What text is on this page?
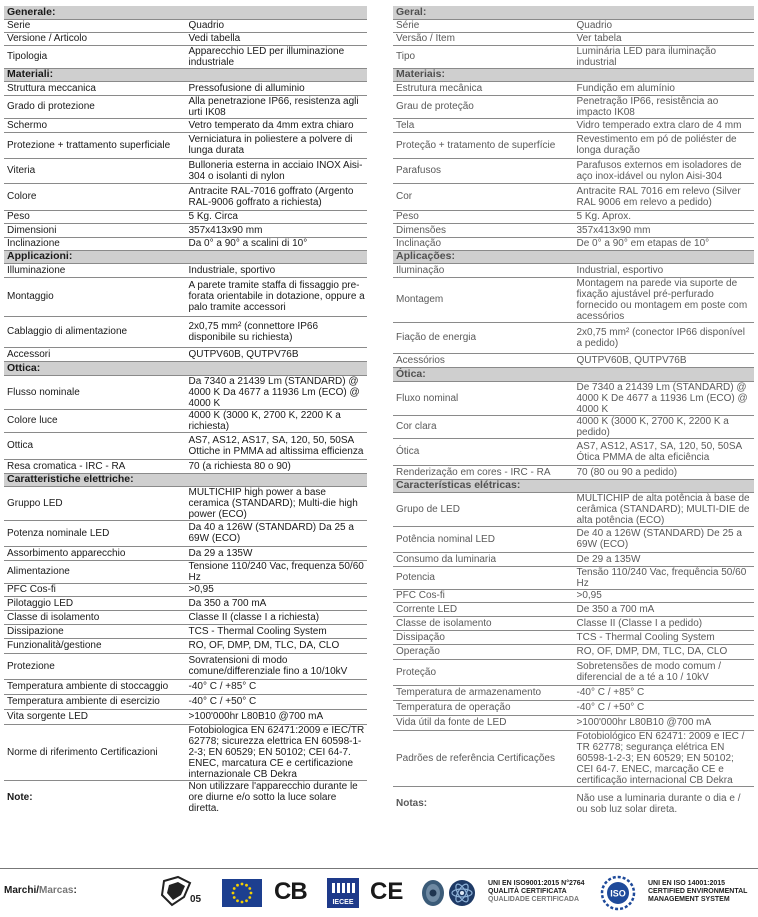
Generale:	
Serie	Quadrio
Versione / Articolo	Vedi tabella
Tipologia	Apparecchio LED per illuminazione industriale
Materiali:	
Struttura meccanica	Pressofusione di alluminio
Grado di protezione	Alla penetrazione IP66, resistenza agli urti IK08
Schermo	Vetro temperato da 4mm extra chiaro
Protezione + trattamento superficiale	Verniciatura in poliestere a polvere di lunga durata
Viteria	Bulloneria esterna in acciaio INOX Aisi-304 o isolanti di nylon
Colore	Antracite RAL-7016 goffrato (Argento RAL-9006 goffrato a richiesta)
Peso	5 Kg. Circa
Dimensioni	357x413x90 mm
Inclinazione	Da 0° a 90° a scalini di 10°
Applicazioni:	
Illuminazione	Industriale, sportivo
Montaggio	A parete tramite staffa di fissaggio pre-forata orientabile in dotazione, oppure a palo tramite accessori
Cablaggio di alimentazione	2x0,75 mm² (connettore IP66 disponibile su richiesta)
Accessori	QUTPV60B, QUTPV76B
Ottica:	
Flusso nominale	Da 7340 a 21439 Lm (STANDARD) @ 4000 K Da 4677 a 11936 Lm (ECO) @ 4000 K
Colore luce	4000 K (3000 K, 2700 K, 2200 K a richiesta)
Ottica	AS7, AS12, AS17, SA, 120, 50, 50SA Ottiche in PMMA ad altissima efficienza
Resa cromatica - IRC - RA	70 (a richiesta 80 o 90)
Caratteristiche elettriche:	
Gruppo LED	MULTICHIP high power a base ceramica (STANDARD); Multi-die high power (ECO)
Potenza nominale LED	Da 40 a 126W (STANDARD) Da 25 a 69W (ECO)
Assorbimento apparecchio	Da 29 a 135W
Alimentazione	Tensione 110/240 Vac, frequenza 50/60 Hz
PFC Cos-fi	>0,95
Pilotaggio LED	Da 350 a 700 mA
Classe di isolamento	Classe II (classe I a richiesta)
Dissipazione	TCS - Thermal Cooling System
Funzionalità/gestione	RO, OF, DMP, DM, TLC, DA, CLO
Protezione	Sovratensioni di modo comune/differenziale fino a 10/10kV
Temperatura ambiente di stoccaggio	-40° C / +85° C
Temperatura ambiente di esercizio	-40° C / +50° C
Vita sorgente LED	>100'000hr L80B10 @700 mA
Norme di riferimento Certificazioni	Fotobiologica EN 62471:2009 e IEC/TR 62778; sicurezza elettrica EN 60598-1-2-3; EN 60529; EN 50102; CEI 64-7. ENEC, marcatura CE e certificazione internazionale CB Dekra
Note:	Non utilizzare l'apparecchio durante le ore diurne e/o sotto la luce solare diretta.
Geral:	
Série	Quadrio
Versão / Item	Ver tabela
Tipo	Luminária LED para iluminação industrial
Materiais:	
Estrutura mecânica	Fundição em alumínio
Grau de proteção	Penetração IP66, resistência ao impacto IK08
Tela	Vidro temperado extra claro de 4 mm
Proteção + tratamento de superfície	Revestimento em pó de poliéster de longa duração
Parafusos	Parafusos externos em isoladores de aço inox-idável ou nylon Aisi-304
Cor	Antracite RAL 7016 em relevo (Silver RAL 9006 em relevo a pedido)
Peso	5 Kg. Aprox.
Dimensões	357x413x90 mm
Inclinação	De 0° a 90° em etapas de 10°
Aplicações:	
Iluminação	Industrial, esportivo
Montagem	Montagem na parede via suporte de fixação ajustável pré-perfurado fornecido ou montagem em poste com acessórios
Fiação de energia	2x0,75 mm² (conector IP66 disponível a pedido)
Acessórios	QUTPV60B, QUTPV76B
Ótica:	
Fluxo nominal	De 7340 a 21439 Lm (STANDARD) @ 4000 K De 4677 a 11936 Lm (ECO) @ 4000 K
Cor clara	4000 K (3000 K, 2700 K, 2200 K a pedido)
Ótica	AS7, AS12, AS17, SA, 120, 50, 50SA Ótica PMMA de alta eficiência
Renderização em cores - IRC - RA	70 (80 ou 90 a pedido)
Características elétricas:	
Grupo de LED	MULTICHIP de alta potência à base de cerâmica (STANDARD); MULTI-DIE de alta potência (ECO)
Potência nominal LED	De 40 a 126W (STANDARD) De 25 a 69W (ECO)
Consumo da luminaria	De 29 a 135W
Potencia	Tensão 110/240 Vac, frequência 50/60 Hz
PFC Cos-fi	>0,95
Corrente LED	De 350 a 700 mA
Classe de isolamento	Classe II (Classe I a pedido)
Dissipação	TCS - Thermal Cooling System
Operação	RO, OF, DMP, DM, TLC, DA, CLO
Proteção	Sobretensões de modo comum / diferencial de a té a 10 / 10kV
Temperatura de armazenamento	-40° C / +85° C
Temperatura de operação	-40° C / +50° C
Vida útil da fonte de LED	>100'000hr L80B10 @700 mA
Padrões de referência Certificações	Fotobiológico EN 62471: 2009 e IEC / TR 62778; segurança elétrica EN 60598-1-2-3; EN 60529; EN 50102; CEI 64-7. ENEC, marcação CE e certificação internacional CB Dekra
Notas:	Não use a luminaria durante o dia e / ou sob luz solar direta.
Marchi/Marcas:
05	CB	IECEE CE	UNI EN ISO9001:2015 N°2764
QUALITÀ CERTIFICATA
QUALIDADE CERTIFICADA
ISO
UNI EN ISO 14001:2015
CERTIFIED ENVIRONMENTAL
MANAGEMENT SYSTEM
